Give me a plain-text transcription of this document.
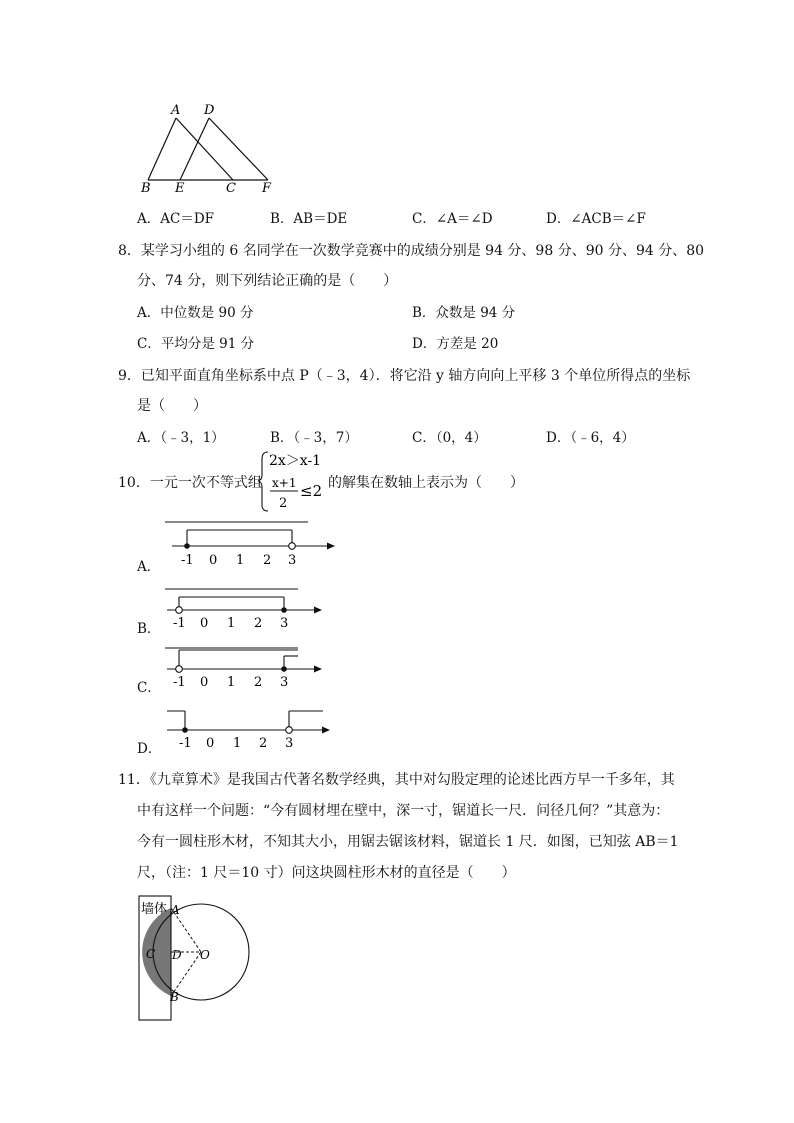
A D
B E	C F
A．AC＝DF	B．AB＝DE	C．∠A＝∠D	D．∠ACB＝∠F
8．某学习小组的 6 名同学在一次数学竞赛中的成绩分别是 94 分、98 分、90 分、94 分、80
分、74 分，则下列结论正确的是（　　）
A．中位数是 90 分	B．众数是 94 分
C．平均分是 91 分	D．方差是 20
9．已知平面直角坐标系中点 P（﹣3，4）．将它沿 y 轴方向向上平移 3 个单位所得点的坐标
是（　　）
A．（﹣3，1）	B．（﹣3，7）	C．（0，4）	D．（﹣6，4）
10．一元一次不等式组
2x＞x-1
x+1
2
≤2 的解集在数轴上表示为（　　）
A． -1 0 1 2 3
B． -1 0 1 2 3
C． -1 0 1 2 3
D． -1 0 1 2 3
11．《九章算术》是我国古代著名数学经典，其中对勾股定理的论述比西方早一千多年，其
中有这样一个问题：“今有圆材埋在壁中，深一寸，锯道长一尺．问径几何？”其意为：
今有一圆柱形木材，不知其大小，用锯去锯该材料，锯道长 1 尺．如图，已知弦 AB＝1
尺，（注：1 尺＝10 寸）问这块圆柱形木材的直径是（　　）
墙体 A
C D O
B
